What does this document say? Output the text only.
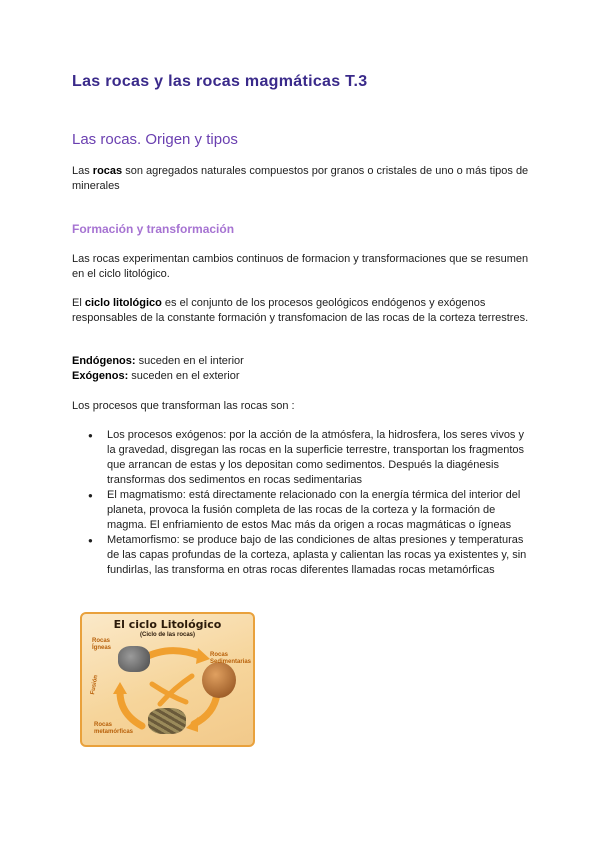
Las rocas y las rocas magmáticas T.3
Las rocas. Origen y tipos
Las rocas son agregados naturales compuestos por granos o cristales de uno o más tipos de minerales
Formación y transformación
Las rocas experimentan cambios continuos de formacion y transformaciones que se resumen en el ciclo litológico.
El ciclo litológico es el conjunto de los procesos geológicos endógenos y exógenos responsables de la constante formación y transfomacion de las rocas de la corteza terrestres.
Endógenos: suceden en el interior
Exógenos: suceden en el exterior
Los procesos que transforman las rocas son :
● Los procesos exógenos: por la acción de la atmósfera, la hidrosfera, los seres vivos y la gravedad, disgregan las rocas en la superficie terrestre, transportan los fragmentos que arrancan de estas y los depositan como sedimentos. Después la diagénesis transformas dos sedimentos en rocas sedimentarias
● El magmatismo: está directamente relacionado con la energía térmica del interior del planeta, provoca la fusión completa de las rocas de la corteza y la formación de magma. El enfriamiento de estos Mac más da origen a rocas magmáticas o ígneas
● Metamorfismo: se produce bajo de las condiciones de altas presiones y temperaturas de las capas profundas de la corteza, aplasta y calientan las rocas ya existentes y, sin fundirlas, las transforma en otras rocas diferentes llamadas rocas metamórficas
El ciclo Litológico
(Ciclo de las rocas)
Rocas Ígneas
Rocas Sedimentarias
Rocas metamórficas
Fusión
